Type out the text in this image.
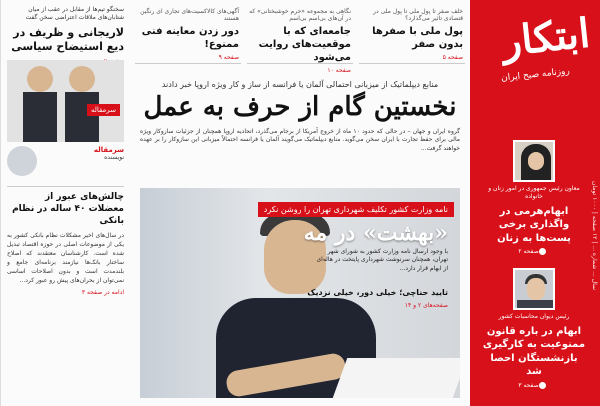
ابتکار
روزنامه صبح ایران
سال ... شماره ... | ۱۲ صفحه | ۱۰۰۰ تومان
معاون رئیس جمهوری در امور زنان و خانواده
ابهام‌هرمی در واگذاری برخی پست‌ها به زنان
صفحه ۲
رئیس دیوان محاسبات کشور
ابهام در باره قانون ممنوعیت به کارگیری بازنشستگان احصا شد
صفحه ۳
آگهی‌های کالاکسیت‌های تجاری ای رنگین هستند
دور زدن معاینه فنی ممنوع!
صفحه ۹
نگاهی به مجموعه «حرم خوشبختانی» که در آن‌های بی‌اسم بی‌اسم
جامعه‌ای که با موقعیت‌های روایت می‌شود
صفحه ۱۰
خلف صفر تا پول ملی تا پول ملی در قتصادی تاثیر می‌گذارد؟
پول ملی با صفرها بدون صفر
صفحه ۵
منابع دیپلماتیک از میزبانی احتمالی آلمان یا فرانسه از ساز و کار ویژه اروپا خبر دادند
نخستین گام از حرف به عمل
گروه ایران و جهان – در حالی که حدود ۱۰ ماه از خروج آمریکا از برجام می‌گذرد، اتحادیه اروپا همچنان از جزئیات سازوکار ویژه مالی برای حفظ تجارت با ایران سخن می‌گوید. منابع دیپلماتیک می‌گویند آلمان یا فرانسه احتمالاً میزبانی این سازوکار را بر عهده خواهند گرفت...
نامه وزارت کشور تکلیف شهرداری تهران را روشن نکرد
«بهشت» در مه
با وجود ارسال نامه وزارت کشور به شورای شهر تهران، همچنان سرنوشت شهرداری پایتخت در هاله‌ای از ابهام قرار دارد...
تایید حناچی؛ خیلی دور، خیلی نزدیک
صفحه‌های ۲ و ۱۴
سخنگو تیم‌ها از مقابل در عقب از میان شتابان‌های ملاقات اعتراضی سخن گفت
لاریجانی و ظریف در دیع استیضاح سیاسی
سرمقاله
سرمقاله
نویسنده
چالش‌های عبور از معضلات ۴۰ ساله در نظام بانکی
در سال‌های اخیر مشکلات نظام بانکی کشور به یکی از موضوعات اصلی در حوزه اقتصاد تبدیل شده است. کارشناسان معتقدند که اصلاح ساختار بانک‌ها نیازمند برنامه‌ای جامع و بلندمدت است و بدون اصلاحات اساسی نمی‌توان از بحران‌های پیش رو عبور کرد...
ادامه در صفحه ۳
